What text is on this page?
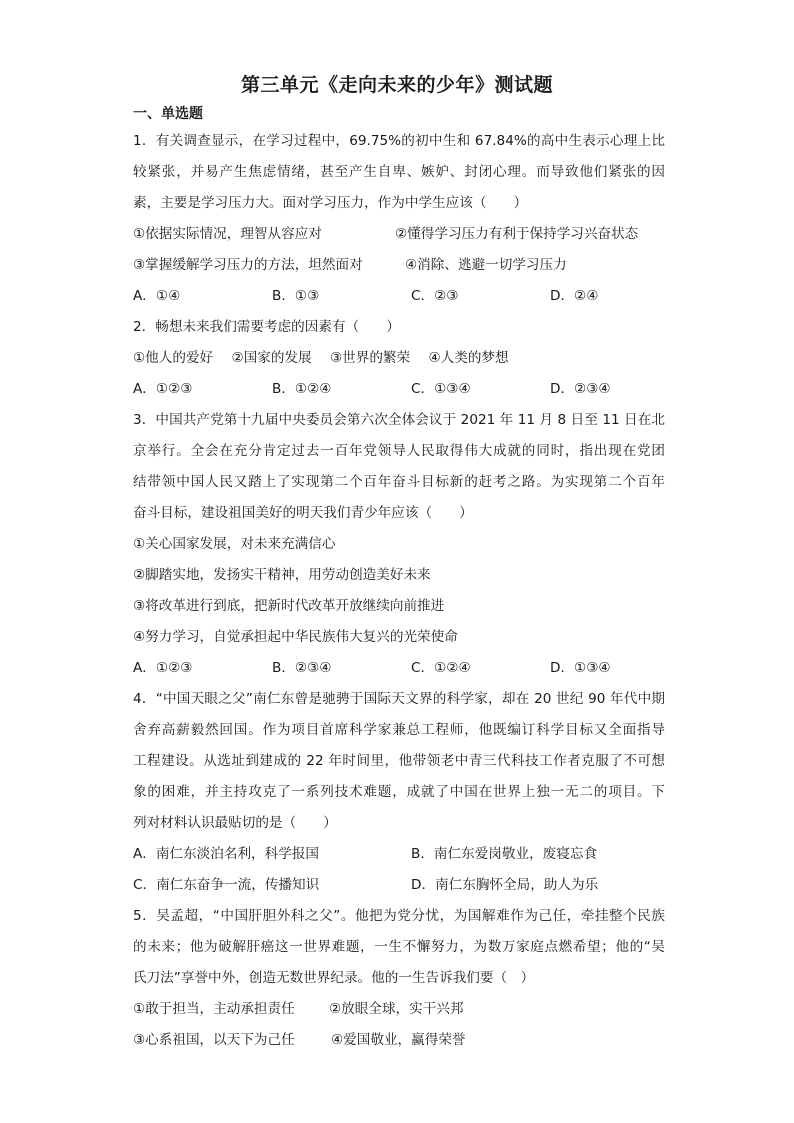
第三单元《走向未来的少年》测试题
一、单选题
1．有关调查显示，在学习过程中，69.75%的初中生和 67.84%的高中生表示心理上比
较紧张，并易产生焦虑情绪，甚至产生自卑、嫉妒、封闭心理。而导致他们紧张的因
素，主要是学习压力大。面对学习压力，作为中学生应该（　　）
①依据实际情况，理智从容应对	②懂得学习压力有利于保持学习兴奋状态
③掌握缓解学习压力的方法，坦然面对	④消除、逃避一切学习压力
A．①④	B．①③	C．②③	D．②④
2．畅想未来我们需要考虑的因素有（　　）
①他人的爱好 ②国家的发展 ③世界的繁荣 ④人类的梦想
A．①②③	B．①②④	C．①③④	D．②③④
3．中国共产党第十九届中央委员会第六次全体会议于 2021 年 11 月 8 日至 11 日在北
京举行。全会在充分肯定过去一百年党领导人民取得伟大成就的同时，指出现在党团
结带领中国人民又踏上了实现第二个百年奋斗目标新的赶考之路。为实现第二个百年
奋斗目标，建设祖国美好的明天我们青少年应该（　　）
①关心国家发展，对未来充满信心
②脚踏实地，发扬实干精神，用劳动创造美好未来
③将改革进行到底，把新时代改革开放继续向前推进
④努力学习，自觉承担起中华民族伟大复兴的光荣使命
A．①②③	B．②③④	C．①②④	D．①③④
4．“中国天眼之父”南仁东曾是驰骋于国际天文界的科学家，却在 20 世纪 90 年代中期
舍弃高薪毅然回国。作为项目首席科学家兼总工程师，他既编订科学目标又全面指导
工程建设。从选址到建成的 22 年时间里，他带领老中青三代科技工作者克服了不可想
象的困难，并主持攻克了一系列技术难题，成就了中国在世界上独一无二的项目。下
列对材料认识最贴切的是（　　）
A．南仁东淡泊名利，科学报国	B．南仁东爱岗敬业，废寝忘食
C．南仁东奋争一流，传播知识	D．南仁东胸怀全局，助人为乐
5．吴孟超，“中国肝胆外科之父”。他把为党分忧，为国解难作为己任，牵挂整个民族
的未来；他为破解肝癌这一世界难题，一生不懈努力，为数万家庭点燃希望；他的“吴
氏刀法”享誉中外，创造无数世界纪录。他的一生告诉我们要（　）
①敢于担当，主动承担责任	②放眼全球，实干兴邦
③心系祖国，以天下为己任	④爱国敬业，赢得荣誉
